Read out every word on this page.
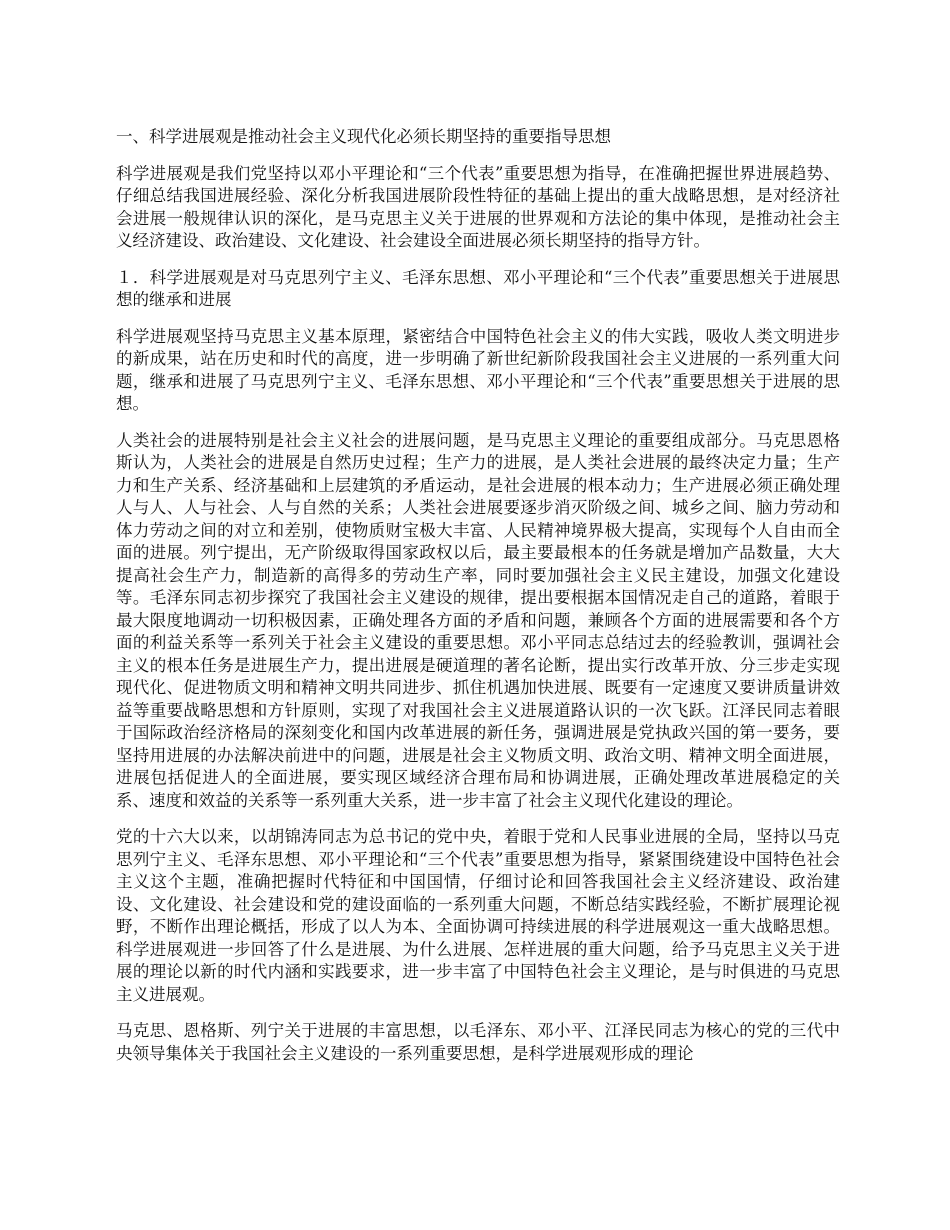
一、科学进展观是推动社会主义现代化必须长期坚持的重要指导思想

科学进展观是我们党坚持以邓小平理论和“三个代表”重要思想为指导，在准确把握世界进展趋势、仔细总结我国进展经验、深化分析我国进展阶段性特征的基础上提出的重大战略思想，是对经济社会进展一般规律认识的深化，是马克思主义关于进展的世界观和方法论的集中体现，是推动社会主义经济建设、政治建设、文化建设、社会建设全面进展必须长期坚持的指导方针。

１．科学进展观是对马克思列宁主义、毛泽东思想、邓小平理论和“三个代表”重要思想关于进展思想的继承和进展

科学进展观坚持马克思主义基本原理，紧密结合中国特色社会主义的伟大实践，吸收人类文明进步的新成果，站在历史和时代的高度，进一步明确了新世纪新阶段我国社会主义进展的一系列重大问题，继承和进展了马克思列宁主义、毛泽东思想、邓小平理论和“三个代表”重要思想关于进展的思想。

人类社会的进展特别是社会主义社会的进展问题，是马克思主义理论的重要组成部分。马克思恩格斯认为，人类社会的进展是自然历史过程；生产力的进展，是人类社会进展的最终决定力量；生产力和生产关系、经济基础和上层建筑的矛盾运动，是社会进展的根本动力；生产进展必须正确处理人与人、人与社会、人与自然的关系；人类社会进展要逐步消灭阶级之间、城乡之间、脑力劳动和体力劳动之间的对立和差别，使物质财宝极大丰富、人民精神境界极大提高，实现每个人自由而全面的进展。列宁提出，无产阶级取得国家政权以后，最主要最根本的任务就是增加产品数量，大大提高社会生产力，制造新的高得多的劳动生产率，同时要加强社会主义民主建设，加强文化建设等。毛泽东同志初步探究了我国社会主义建设的规律，提出要根据本国情况走自己的道路，着眼于最大限度地调动一切积极因素，正确处理各方面的矛盾和问题，兼顾各个方面的进展需要和各个方面的利益关系等一系列关于社会主义建设的重要思想。邓小平同志总结过去的经验教训，强调社会主义的根本任务是进展生产力，提出进展是硬道理的著名论断，提出实行改革开放、分三步走实现现代化、促进物质文明和精神文明共同进步、抓住机遇加快进展、既要有一定速度又要讲质量讲效益等重要战略思想和方针原则，实现了对我国社会主义进展道路认识的一次飞跃。江泽民同志着眼于国际政治经济格局的深刻变化和国内改革进展的新任务，强调进展是党执政兴国的第一要务，要坚持用进展的办法解决前进中的问题，进展是社会主义物质文明、政治文明、精神文明全面进展，进展包括促进人的全面进展，要实现区域经济合理布局和协调进展，正确处理改革进展稳定的关系、速度和效益的关系等一系列重大关系，进一步丰富了社会主义现代化建设的理论。

党的十六大以来，以胡锦涛同志为总书记的党中央，着眼于党和人民事业进展的全局，坚持以马克思列宁主义、毛泽东思想、邓小平理论和“三个代表”重要思想为指导，紧紧围绕建设中国特色社会主义这个主题，准确把握时代特征和中国国情，仔细讨论和回答我国社会主义经济建设、政治建设、文化建设、社会建设和党的建设面临的一系列重大问题，不断总结实践经验，不断扩展理论视野，不断作出理论概括，形成了以人为本、全面协调可持续进展的科学进展观这一重大战略思想。科学进展观进一步回答了什么是进展、为什么进展、怎样进展的重大问题，给予马克思主义关于进展的理论以新的时代内涵和实践要求，进一步丰富了中国特色社会主义理论，是与时俱进的马克思主义进展观。

马克思、恩格斯、列宁关于进展的丰富思想，以毛泽东、邓小平、江泽民同志为核心的党的三代中央领导集体关于我国社会主义建设的一系列重要思想，是科学进展观形成的理论
